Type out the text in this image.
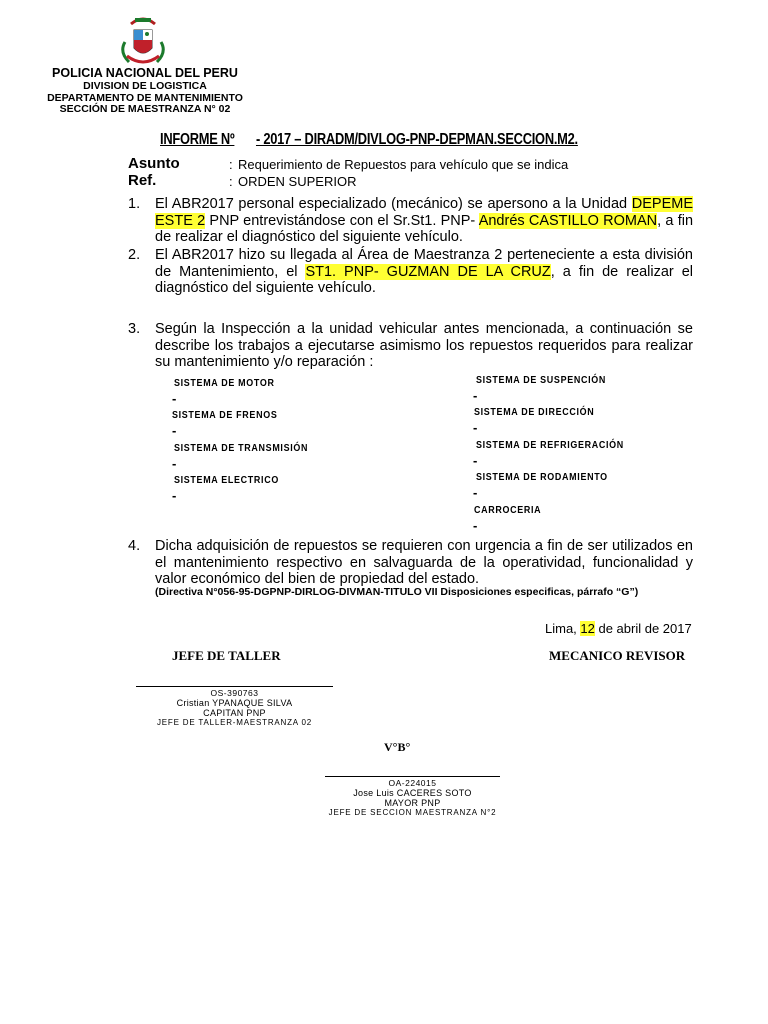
POLICIA NACIONAL DEL PERU
DIVISION DE LOGISTICA
DEPARTAMENTO DE MANTENIMIENTO
SECCIÓN DE MAESTRANZA N° 02
INFORME Nº - 2017 – DIRADM/DIVLOG-PNP-DEPMAN.SECCION.M2.
Asunto	: Requerimiento de Repuestos para vehículo que se indica
Ref.	: ORDEN SUPERIOR
1. El ABR2017 personal especializado (mecánico) se apersono a la Unidad DEPEME ESTE 2 PNP entrevistándose con el Sr.St1. PNP- Andrés CASTILLO ROMAN, a fin de realizar el diagnóstico del siguiente vehículo.
2. El ABR2017 hizo su llegada al Área de Maestranza 2 perteneciente a esta división de Mantenimiento, el ST1. PNP- GUZMAN DE LA CRUZ, a fin de realizar el diagnóstico del siguiente vehículo.
3. Según la Inspección a la unidad vehicular antes mencionada, a continuación se describe los trabajos a ejecutarse asimismo los repuestos requeridos para realizar su mantenimiento y/o reparación :
SISTEMA DE MOTOR
-
SISTEMA DE FRENOS
-
SISTEMA DE TRANSMISIÓN
-
SISTEMA ELECTRICO
-
SISTEMA DE SUSPENCIÓN
-
SISTEMA DE DIRECCIÓN
-
SISTEMA DE REFRIGERACIÓN
-
SISTEMA DE RODAMIENTO
-
CARROCERIA
-
4. Dicha adquisición de repuestos se requieren con urgencia a fin de ser utilizados en el mantenimiento respectivo en salvaguarda de la operatividad, funcionalidad y valor económico del bien de propiedad del estado.
(Directiva N°056-95-DGPNP-DIRLOG-DIVMAN-TITULO VII Disposiciones especificas, párrafo “G”)
Lima, 12 de abril de 2017
JEFE DE TALLER	MECANICO REVISOR
OS-390763
Cristian YPANAQUE SILVA
CAPITAN PNP
JEFE DE TALLER-MAESTRANZA 02
V°B°
OA-224015
Jose Luis CACERES SOTO
MAYOR PNP
JEFE DE SECCION MAESTRANZA N°2
